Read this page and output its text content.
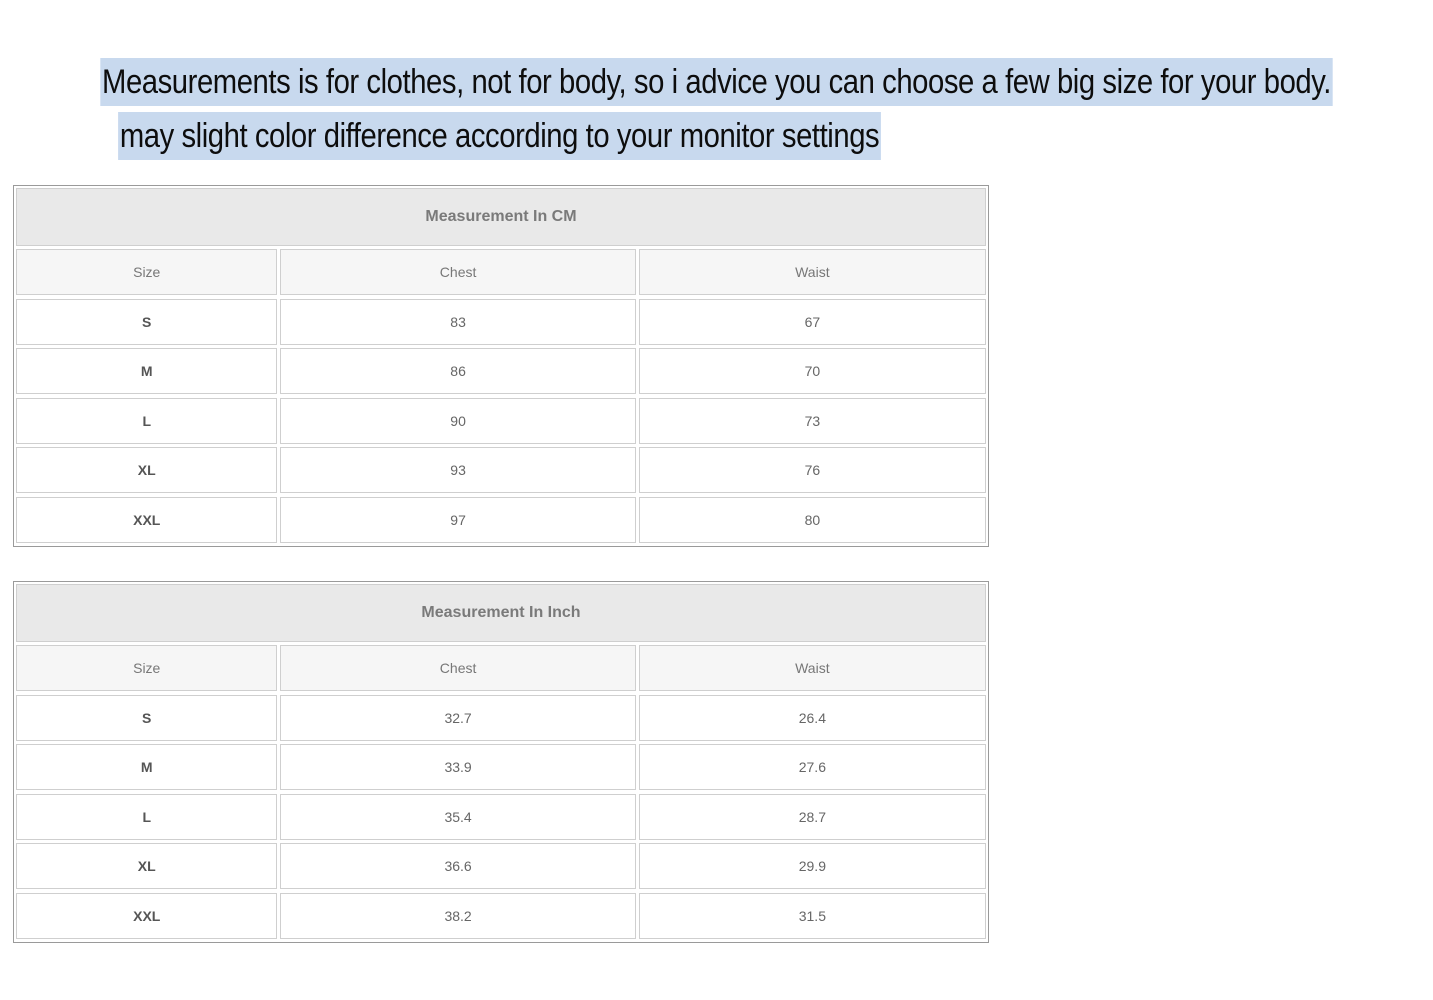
Measurements is for clothes, not for body, so i advice you can choose a few big size for your body.
may slight color difference according to your monitor settings
Measurement In CM
Size	Chest	Waist
S	83	67
M	86	70
L	90	73
XL	93	76
XXL	97	80
Measurement In Inch
Size	Chest	Waist
S	32.7	26.4
M	33.9	27.6
L	35.4	28.7
XL	36.6	29.9
XXL	38.2	31.5
